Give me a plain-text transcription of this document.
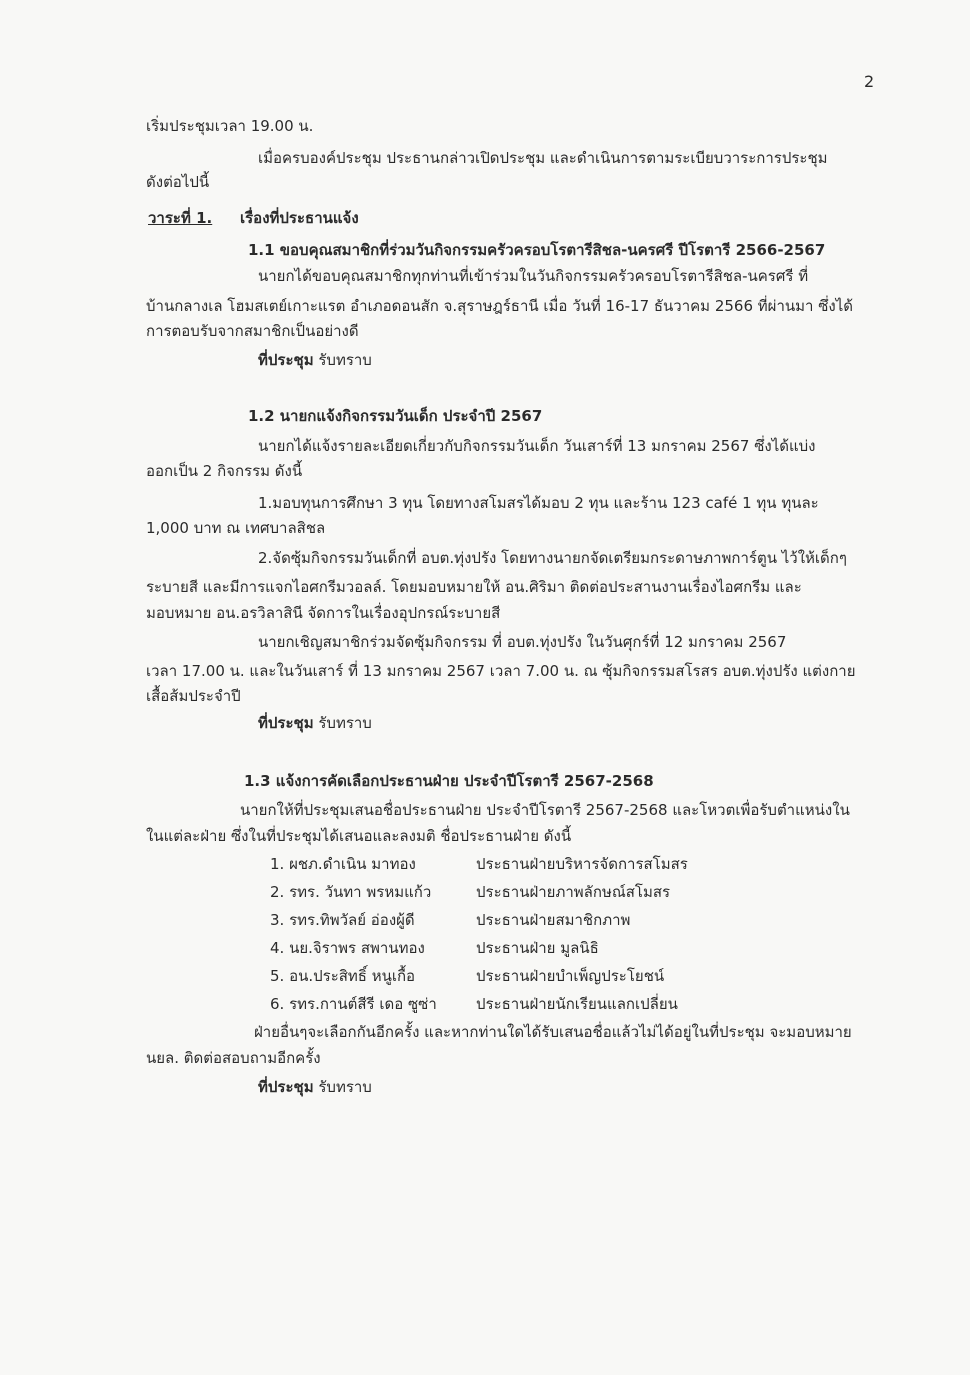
2
เริ่มประชุมเวลา 19.00 น.
เมื่อครบองค์ประชุม ประธานกล่าวเปิดประชุม และดำเนินการตามระเบียบวาระการประชุม
ดังต่อไปนี้
วาระที่ 1. เรื่องที่ประธานแจ้ง
1.1 ขอบคุณสมาชิกที่ร่วมวันกิจกรรมครัวครอบโรตารีสิชล-นครศรี ปีโรตารี 2566-2567
นายกได้ขอบคุณสมาชิกทุกท่านที่เข้าร่วมในวันกิจกรรมครัวครอบโรตารีสิชล-นครศรี ที่
บ้านกลางเล โฮมสเตย์เกาะแรต อำเภอดอนสัก จ.สุราษฎร์ธานี เมื่อ วันที่ 16-17 ธันวาคม 2566 ที่ผ่านมา ซึ่งได้
การตอบรับจากสมาชิกเป็นอย่างดี
ที่ประชุม รับทราบ
1.2 นายกแจ้งกิจกรรมวันเด็ก ประจำปี 2567
นายกได้แจ้งรายละเอียดเกี่ยวกับกิจกรรมวันเด็ก วันเสาร์ที่ 13 มกราคม 2567 ซึ่งได้แบ่ง
ออกเป็น 2 กิจกรรม ดังนี้
1.มอบทุนการศึกษา 3 ทุน โดยทางสโมสรได้มอบ 2 ทุน และร้าน 123 café 1 ทุน ทุนละ
1,000 บาท ณ เทศบาลสิชล
2.จัดซุ้มกิจกรรมวันเด็กที่ อบต.ทุ่งปรัง โดยทางนายกจัดเตรียมกระดาษภาพการ์ตูน ไว้ให้เด็กๆ
ระบายสี และมีการแจกไอศกรีมวอลล์. โดยมอบหมายให้ อน.ศิริมา ติดต่อประสานงานเรื่องไอศกรีม และ
มอบหมาย อน.อรวิลาสินี จัดการในเรื่องอุปกรณ์ระบายสี
นายกเชิญสมาชิกร่วมจัดซุ้มกิจกรรม ที่ อบต.ทุ่งปรัง ในวันศุกร์ที่ 12 มกราคม 2567
เวลา 17.00 น. และในวันเสาร์ ที่ 13 มกราคม 2567 เวลา 7.00 น. ณ ซุ้มกิจกรรมสโรสร อบต.ทุ่งปรัง แต่งกาย
เสื้อส้มประจำปี
ที่ประชุม รับทราบ
1.3 แจ้งการคัดเลือกประธานฝ่าย ประจำปีโรตารี 2567-2568
นายกให้ที่ประชุมเสนอชื่อประธานฝ่าย ประจำปีโรตารี 2567-2568 และโหวตเพื่อรับตำแหน่งใน
ในแต่ละฝ่าย ซึ่งในที่ประชุมได้เสนอและลงมติ ชื่อประธานฝ่าย ดังนี้
1. ผชภ.ดำเนิน มาทอง	ประธานฝ่ายบริหารจัดการสโมสร
2. รทร. วันทา พรหมแก้ว	ประธานฝ่ายภาพลักษณ์สโมสร
3. รทร.ทิพวัลย์ อ่องผู้ดี	ประธานฝ่ายสมาชิกภาพ
4. นย.จิราพร สพานทอง	ประธานฝ่าย มูลนิธิ
5. อน.ประสิทธิ์ หนูเกื้อ	ประธานฝ่ายบำเพ็ญประโยชน์
6. รทร.กานต์สีรี เดอ ซูซ่า	ประธานฝ่ายนักเรียนแลกเปลี่ยน
ฝ่ายอื่นๆจะเลือกกันอีกครั้ง และหากท่านใดได้รับเสนอชื่อแล้วไม่ได้อยู่ในที่ประชุม จะมอบหมาย
นยล. ติดต่อสอบถามอีกครั้ง
ที่ประชุม รับทราบ
